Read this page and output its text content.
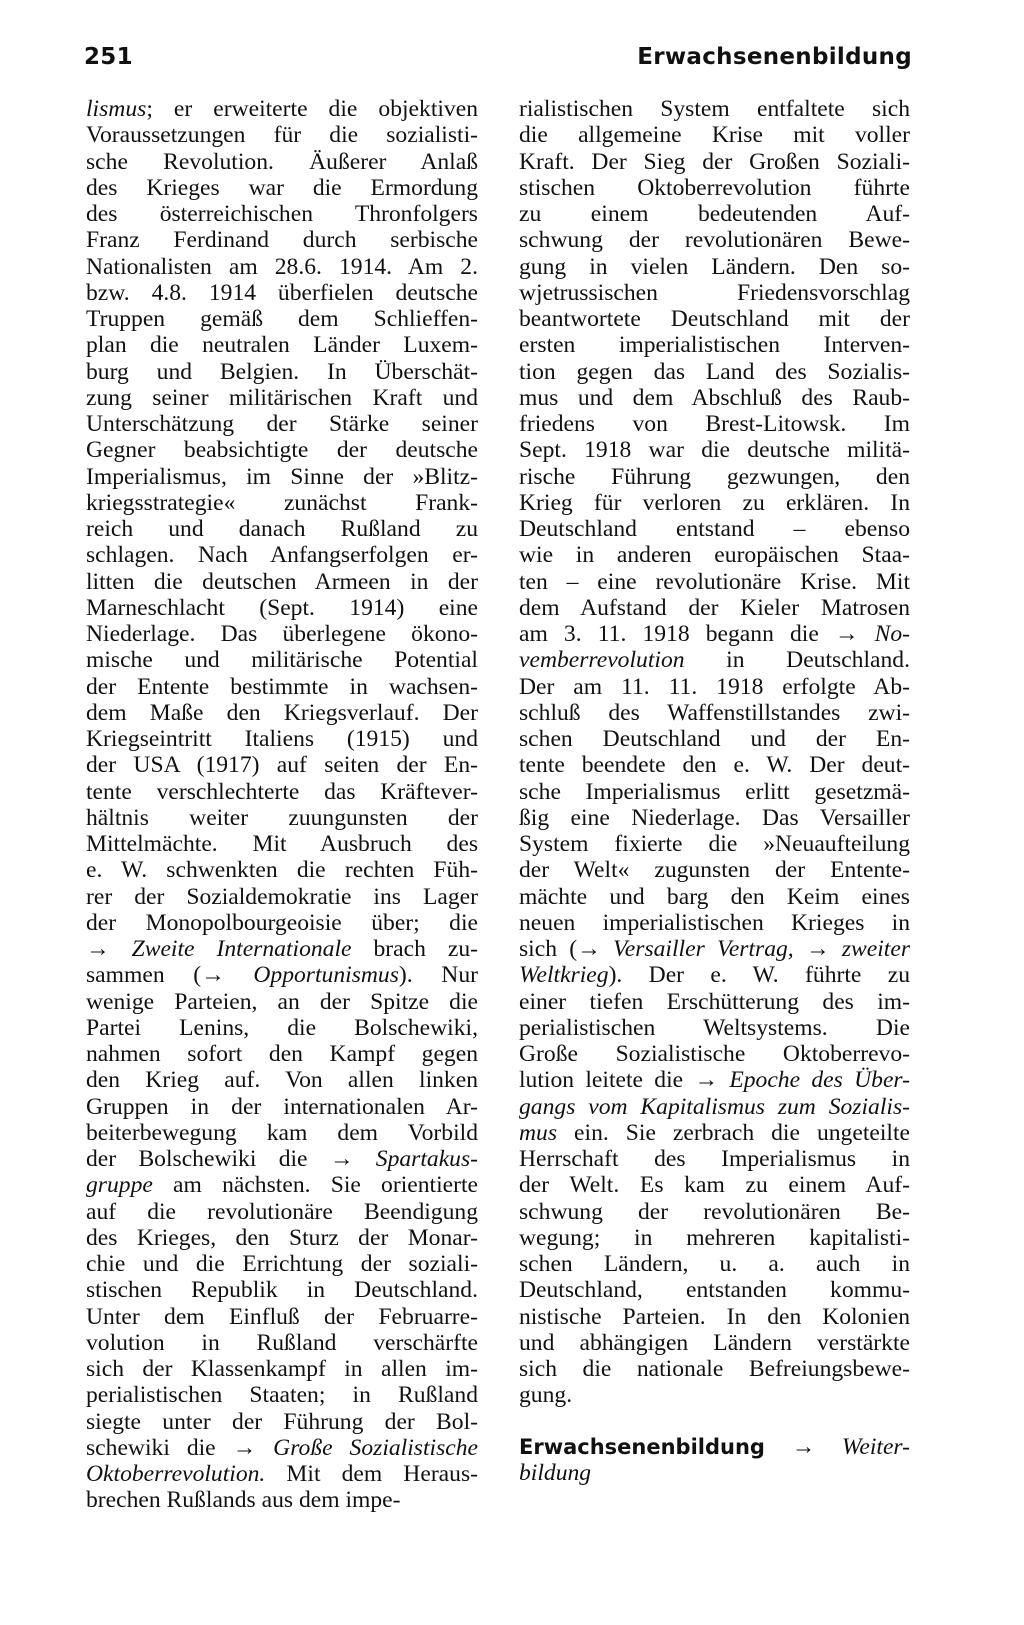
251	Erwachsenenbildung
lismus; er erweiterte die objektiven
Voraussetzungen für die sozialisti-
sche Revolution. Äußerer Anlaß
des Krieges war die Ermordung
des österreichischen Thronfolgers
Franz Ferdinand durch serbische
Nationalisten am 28.6. 1914. Am 2.
bzw. 4.8. 1914 überfielen deutsche
Truppen gemäß dem Schlieffen-
plan die neutralen Länder Luxem-
burg und Belgien. In Überschät-
zung seiner militärischen Kraft und
Unterschätzung der Stärke seiner
Gegner beabsichtigte der deutsche
Imperialismus, im Sinne der »Blitz-
kriegsstrategie« zunächst Frank-
reich und danach Rußland zu
schlagen. Nach Anfangserfolgen er-
litten die deutschen Armeen in der
Marneschlacht (Sept. 1914) eine
Niederlage. Das überlegene ökono-
mische und militärische Potential
der Entente bestimmte in wachsen-
dem Maße den Kriegsverlauf. Der
Kriegseintritt Italiens (1915) und
der USA (1917) auf seiten der En-
tente verschlechterte das Kräftever-
hältnis weiter zuungunsten der
Mittelmächte. Mit Ausbruch des
e. W. schwenkten die rechten Füh-
rer der Sozialdemokratie ins Lager
der Monopolbourgeoisie über; die
→ Zweite Internationale brach zu-
sammen (→ Opportunismus). Nur
wenige Parteien, an der Spitze die
Partei Lenins, die Bolschewiki,
nahmen sofort den Kampf gegen
den Krieg auf. Von allen linken
Gruppen in der internationalen Ar-
beiterbewegung kam dem Vorbild
der Bolschewiki die → Spartakus-
gruppe am nächsten. Sie orientierte
auf die revolutionäre Beendigung
des Krieges, den Sturz der Monar-
chie und die Errichtung der soziali-
stischen Republik in Deutschland.
Unter dem Einfluß der Februarre-
volution in Rußland verschärfte
sich der Klassenkampf in allen im-
perialistischen Staaten; in Rußland
siegte unter der Führung der Bol-
schewiki die → Große Sozialistische
Oktoberrevolution. Mit dem Heraus-
brechen Rußlands aus dem impe-
rialistischen System entfaltete sich
die allgemeine Krise mit voller
Kraft. Der Sieg der Großen Soziali-
stischen Oktoberrevolution führte
zu einem bedeutenden Auf-
schwung der revolutionären Bewe-
gung in vielen Ländern. Den so-
wjetrussischen Friedensvorschlag
beantwortete Deutschland mit der
ersten imperialistischen Interven-
tion gegen das Land des Sozialis-
mus und dem Abschluß des Raub-
friedens von Brest-Litowsk. Im
Sept. 1918 war die deutsche militä-
rische Führung gezwungen, den
Krieg für verloren zu erklären. In
Deutschland entstand – ebenso
wie in anderen europäischen Staa-
ten – eine revolutionäre Krise. Mit
dem Aufstand der Kieler Matrosen
am 3. 11. 1918 begann die → No-
vemberrevolution in Deutschland.
Der am 11. 11. 1918 erfolgte Ab-
schluß des Waffenstillstandes zwi-
schen Deutschland und der En-
tente beendete den e. W. Der deut-
sche Imperialismus erlitt gesetzmä-
ßig eine Niederlage. Das Versailler
System fixierte die »Neuaufteilung
der Welt« zugunsten der Entente-
mächte und barg den Keim eines
neuen imperialistischen Krieges in
sich (→ Versailler Vertrag, → zweiter
Weltkrieg). Der e. W. führte zu
einer tiefen Erschütterung des im-
perialistischen Weltsystems. Die
Große Sozialistische Oktoberrevo-
lution leitete die → Epoche des Über-
gangs vom Kapitalismus zum Sozialis-
mus ein. Sie zerbrach die ungeteilte
Herrschaft des Imperialismus in
der Welt. Es kam zu einem Auf-
schwung der revolutionären Be-
wegung; in mehreren kapitalisti-
schen Ländern, u. a. auch in
Deutschland, entstanden kommu-
nistische Parteien. In den Kolonien
und abhängigen Ländern verstärkte
sich die nationale Befreiungsbewe-
gung.
Erwachsenenbildung → Weiter-
bildung
